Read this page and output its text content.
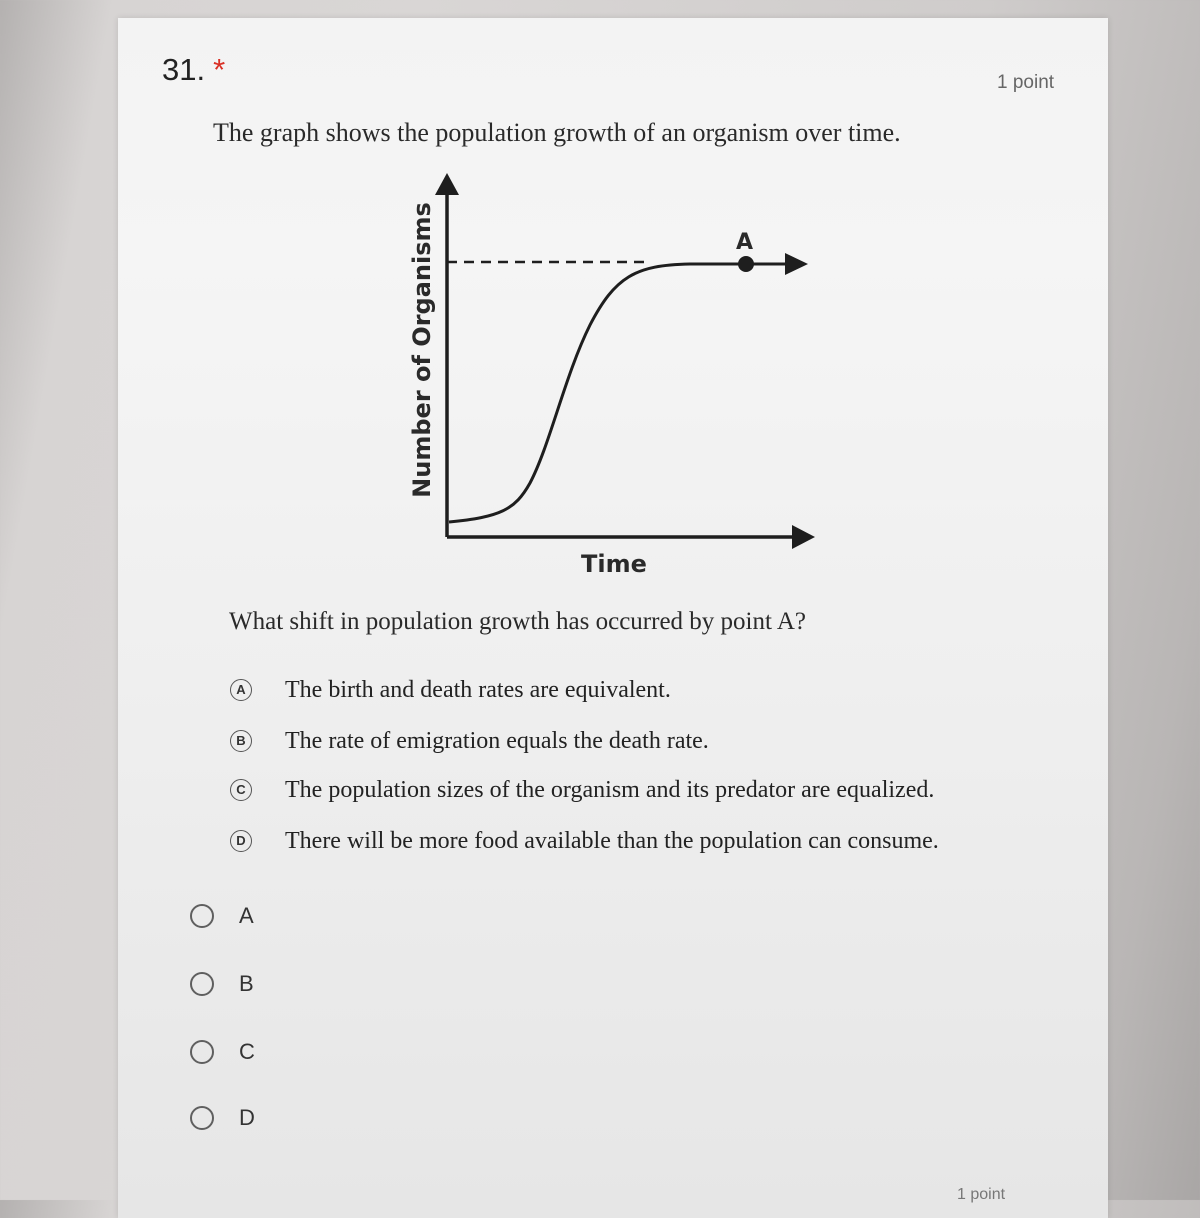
31. *	1 point
The graph shows the population growth of an organism over time.
A
Number of Organisms
Time
What shift in population growth has occurred by point A?
A The birth and death rates are equivalent.
B The rate of emigration equals the death rate.
C The population sizes of the organism and its predator are equalized.
D There will be more food available than the population can consume.
A
B
C
D
1 point
